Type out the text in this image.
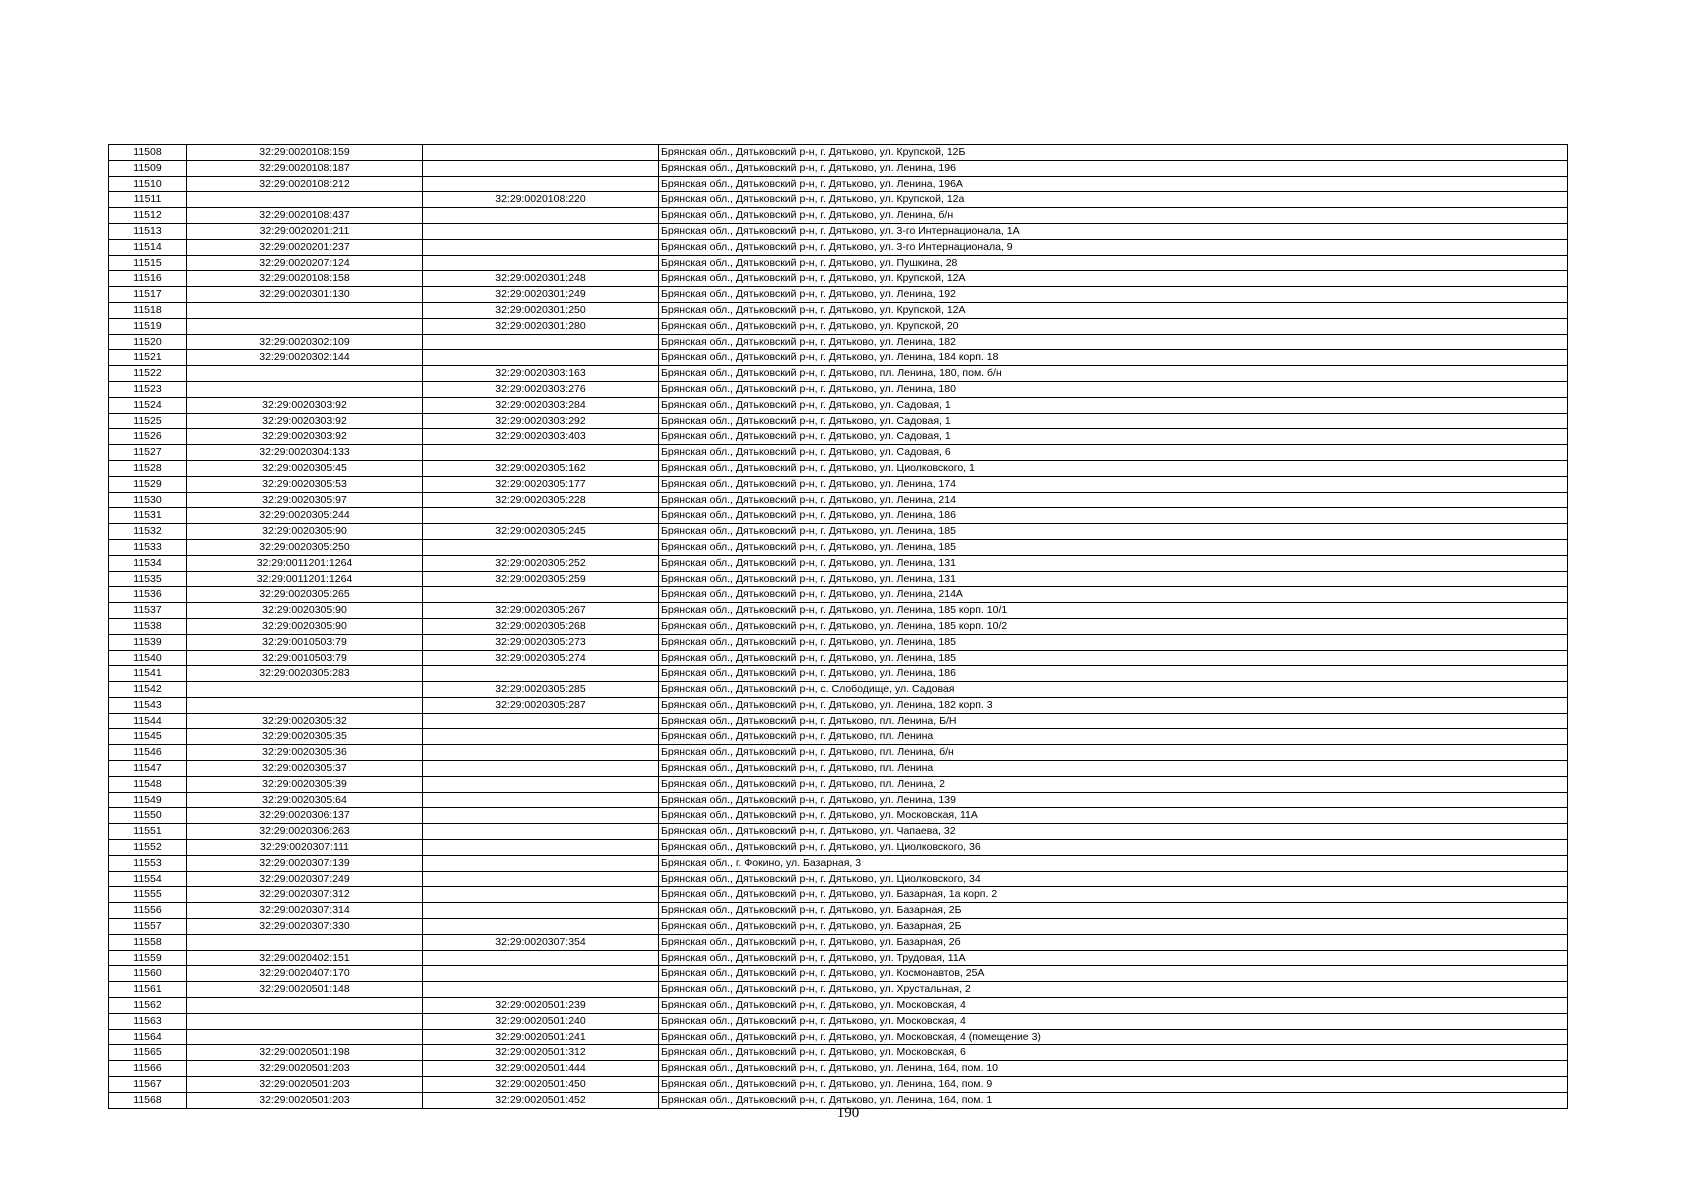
11508	32:29:0020108:159		Брянская обл., Дятьковский р-н, г. Дятьково, ул. Крупской, 12Б
11509	32:29:0020108:187		Брянская обл., Дятьковский р-н, г. Дятьково, ул. Ленина, 196
11510	32:29:0020108:212		Брянская обл., Дятьковский р-н, г. Дятьково, ул. Ленина, 196А
11511		32:29:0020108:220	Брянская обл., Дятьковский р-н, г. Дятьково, ул. Крупской, 12а
11512	32:29:0020108:437		Брянская обл., Дятьковский р-н, г. Дятьково, ул. Ленина, б/н
11513	32:29:0020201:211		Брянская обл., Дятьковский р-н, г. Дятьково, ул. 3-го Интернационала, 1А
11514	32:29:0020201:237		Брянская обл., Дятьковский р-н, г. Дятьково, ул. 3-го Интернационала, 9
11515	32:29:0020207:124		Брянская обл., Дятьковский р-н, г. Дятьково, ул. Пушкина, 28
11516	32:29:0020108:158	32:29:0020301:248	Брянская обл., Дятьковский р-н, г. Дятьково, ул. Крупской, 12А
11517	32:29:0020301:130	32:29:0020301:249	Брянская обл., Дятьковский р-н, г. Дятьково, ул. Ленина, 192
11518		32:29:0020301:250	Брянская обл., Дятьковский р-н, г. Дятьково, ул. Крупской, 12А
11519		32:29:0020301:280	Брянская обл., Дятьковский р-н, г. Дятьково, ул. Крупской, 20
11520	32:29:0020302:109		Брянская обл., Дятьковский р-н, г. Дятьково, ул. Ленина, 182
11521	32:29:0020302:144		Брянская обл., Дятьковский р-н, г. Дятьково, ул. Ленина, 184 корп. 18
11522		32:29:0020303:163	Брянская обл., Дятьковский р-н, г. Дятьково, пл. Ленина, 180, пом. б/н
11523		32:29:0020303:276	Брянская обл., Дятьковский р-н, г. Дятьково, ул. Ленина, 180
11524	32:29:0020303:92	32:29:0020303:284	Брянская обл., Дятьковский р-н, г. Дятьково, ул. Садовая, 1
11525	32:29:0020303:92	32:29:0020303:292	Брянская обл., Дятьковский р-н, г. Дятьково, ул. Садовая, 1
11526	32:29:0020303:92	32:29:0020303:403	Брянская обл., Дятьковский р-н, г. Дятьково, ул. Садовая, 1
11527	32:29:0020304:133		Брянская обл., Дятьковский р-н, г. Дятьково, ул. Садовая, 6
11528	32:29:0020305:45	32:29:0020305:162	Брянская обл., Дятьковский р-н, г. Дятьково, ул. Циолковского, 1
11529	32:29:0020305:53	32:29:0020305:177	Брянская обл., Дятьковский р-н, г. Дятьково, ул. Ленина, 174
11530	32:29:0020305:97	32:29:0020305:228	Брянская обл., Дятьковский р-н, г. Дятьково, ул. Ленина, 214
11531	32:29:0020305:244		Брянская обл., Дятьковский р-н, г. Дятьково, ул. Ленина, 186
11532	32:29:0020305:90	32:29:0020305:245	Брянская обл., Дятьковский р-н, г. Дятьково, ул. Ленина, 185
11533	32:29:0020305:250		Брянская обл., Дятьковский р-н, г. Дятьково, ул. Ленина, 185
11534	32:29:0011201:1264	32:29:0020305:252	Брянская обл., Дятьковский р-н, г. Дятьково, ул. Ленина, 131
11535	32:29:0011201:1264	32:29:0020305:259	Брянская обл., Дятьковский р-н, г. Дятьково, ул. Ленина, 131
11536	32:29:0020305:265		Брянская обл., Дятьковский р-н, г. Дятьково, ул. Ленина, 214А
11537	32:29:0020305:90	32:29:0020305:267	Брянская обл., Дятьковский р-н, г. Дятьково, ул. Ленина, 185 корп. 10/1
11538	32:29:0020305:90	32:29:0020305:268	Брянская обл., Дятьковский р-н, г. Дятьково, ул. Ленина, 185 корп. 10/2
11539	32:29:0010503:79	32:29:0020305:273	Брянская обл., Дятьковский р-н, г. Дятьково, ул. Ленина, 185
11540	32:29:0010503:79	32:29:0020305:274	Брянская обл., Дятьковский р-н, г. Дятьково, ул. Ленина, 185
11541	32:29:0020305:283		Брянская обл., Дятьковский р-н, г. Дятьково, ул. Ленина, 186
11542		32:29:0020305:285	Брянская обл., Дятьковский р-н, с. Слободище, ул. Садовая
11543		32:29:0020305:287	Брянская обл., Дятьковский р-н, г. Дятьково, ул. Ленина, 182 корп. 3
11544	32:29:0020305:32		Брянская обл., Дятьковский р-н, г. Дятьково, пл. Ленина, Б/Н
11545	32:29:0020305:35		Брянская обл., Дятьковский р-н, г. Дятьково, пл. Ленина
11546	32:29:0020305:36		Брянская обл., Дятьковский р-н, г. Дятьково, пл. Ленина, б/н
11547	32:29:0020305:37		Брянская обл., Дятьковский р-н, г. Дятьково, пл. Ленина
11548	32:29:0020305:39		Брянская обл., Дятьковский р-н, г. Дятьково, пл. Ленина, 2
11549	32:29:0020305:64		Брянская обл., Дятьковский р-н, г. Дятьково, ул. Ленина, 139
11550	32:29:0020306:137		Брянская обл., Дятьковский р-н, г. Дятьково, ул. Московская, 11А
11551	32:29:0020306:263		Брянская обл., Дятьковский р-н, г. Дятьково, ул. Чапаева, 32
11552	32:29:0020307:111		Брянская обл., Дятьковский р-н, г. Дятьково, ул. Циолковского, 36
11553	32:29:0020307:139		Брянская обл., г. Фокино, ул. Базарная, 3
11554	32:29:0020307:249		Брянская обл., Дятьковский р-н, г. Дятьково, ул. Циолковского, 34
11555	32:29:0020307:312		Брянская обл., Дятьковский р-н, г. Дятьково, ул. Базарная, 1а корп. 2
11556	32:29:0020307:314		Брянская обл., Дятьковский р-н, г. Дятьково, ул. Базарная, 2Б
11557	32:29:0020307:330		Брянская обл., Дятьковский р-н, г. Дятьково, ул. Базарная, 2Б
11558		32:29:0020307:354	Брянская обл., Дятьковский р-н, г. Дятьково, ул. Базарная, 2б
11559	32:29:0020402:151		Брянская обл., Дятьковский р-н, г. Дятьково, ул. Трудовая, 11А
11560	32:29:0020407:170		Брянская обл., Дятьковский р-н, г. Дятьково, ул. Космонавтов, 25А
11561	32:29:0020501:148		Брянская обл., Дятьковский р-н, г. Дятьково, ул. Хрустальная, 2
11562		32:29:0020501:239	Брянская обл., Дятьковский р-н, г. Дятьково, ул. Московская, 4
11563		32:29:0020501:240	Брянская обл., Дятьковский р-н, г. Дятьково, ул. Московская, 4
11564		32:29:0020501:241	Брянская обл., Дятьковский р-н, г. Дятьково, ул. Московская, 4 (помещение 3)
11565	32:29:0020501:198	32:29:0020501:312	Брянская обл., Дятьковский р-н, г. Дятьково, ул. Московская, 6
11566	32:29:0020501:203	32:29:0020501:444	Брянская обл., Дятьковский р-н, г. Дятьково, ул. Ленина, 164, пом. 10
11567	32:29:0020501:203	32:29:0020501:450	Брянская обл., Дятьковский р-н, г. Дятьково, ул. Ленина, 164, пом. 9
11568	32:29:0020501:203	32:29:0020501:452	Брянская обл., Дятьковский р-н, г. Дятьково, ул. Ленина, 164, пом. 1
190
